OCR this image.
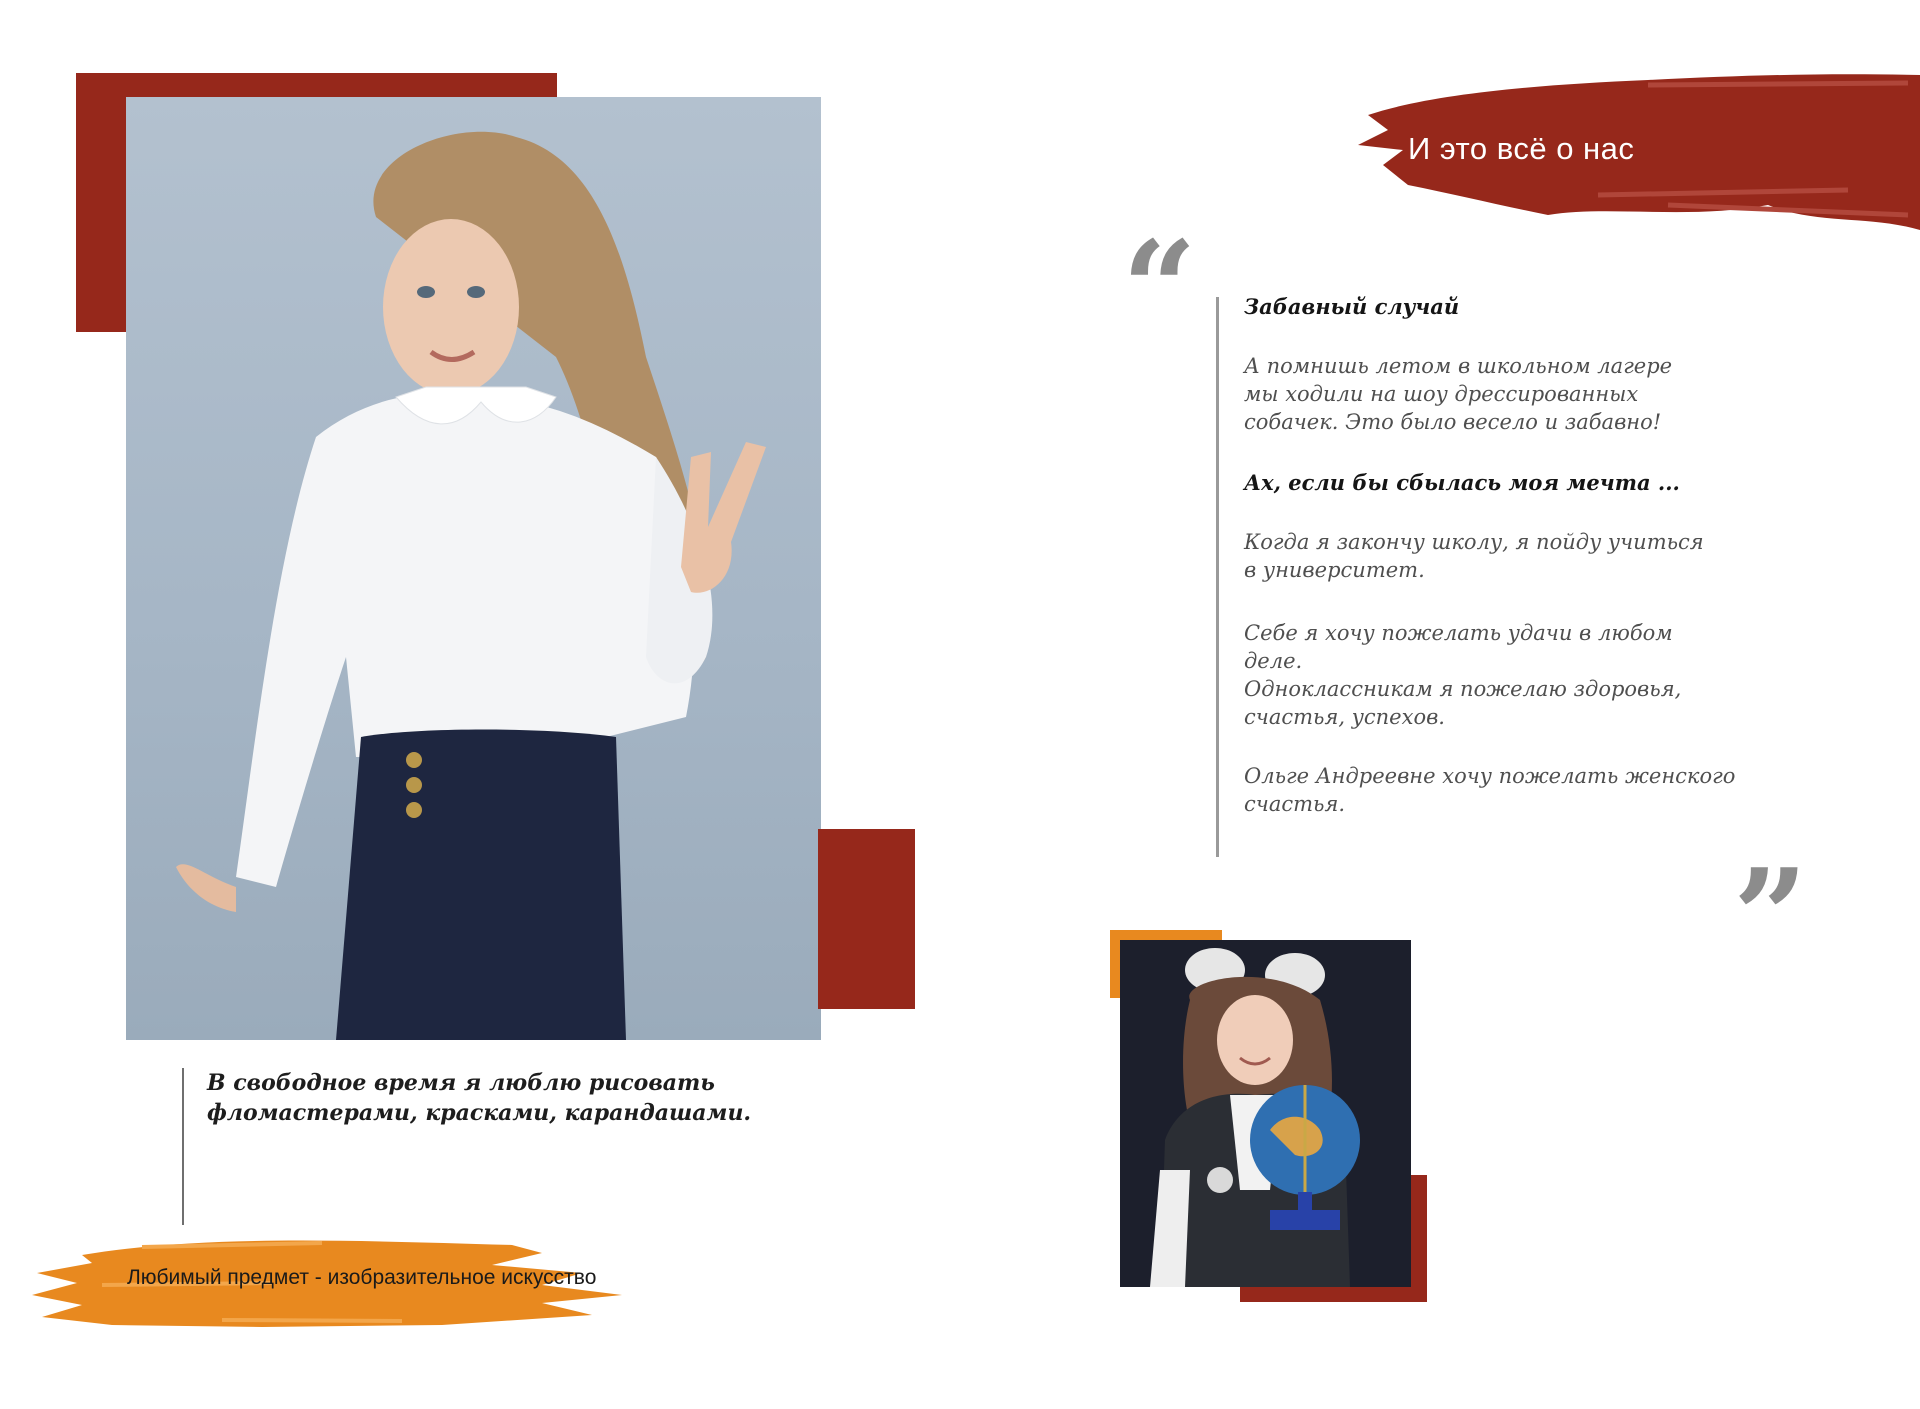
В свободное время я люблю рисовать
фломастерами, красками, карандашами.
Любимый предмет - изобразительное искусство
И это всё о нас
“ Забавный случай
А помнишь летом в школьном лагере
мы ходили на шоу дрессированных
собачек. Это было весело и забавно!
Ах, если бы сбылась моя мечта ...
Когда я закончу школу, я пойду учиться
в университет.
Себе я хочу пожелать удачи в любом
деле.
Одноклассникам я пожелаю здоровья,
счастья, успехов.
Ольге Андреевне хочу пожелать женского
счастья.
”
